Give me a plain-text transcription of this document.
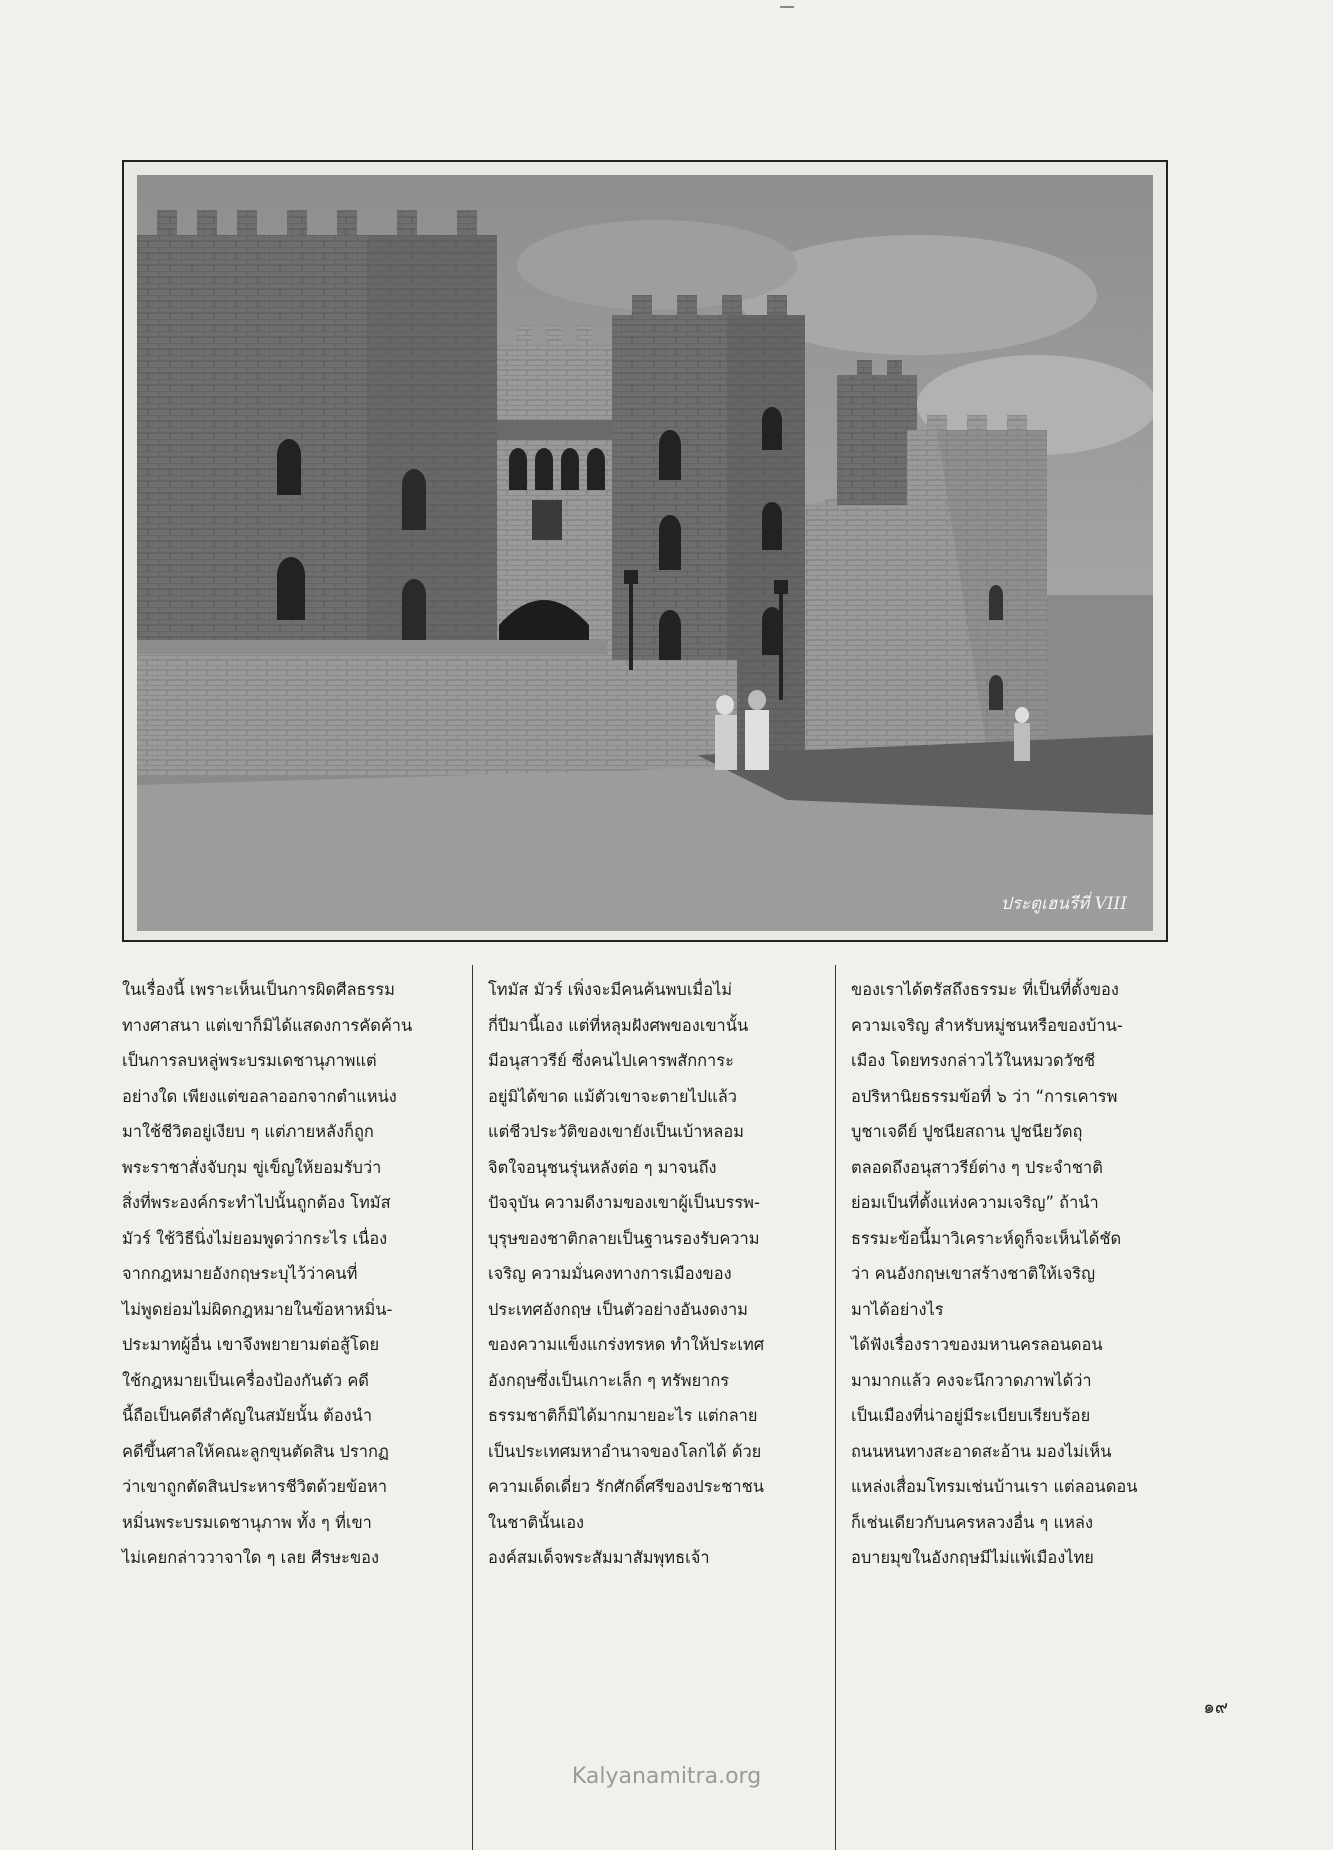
ประตูเฮนรีที่ VIII

ในเรื่องนี้ เพราะเห็นเป็นการผิดศีลธรรม

ทางศาสนา แต่เขาก็มิได้แสดงการคัดค้าน

เป็นการลบหลู่พระบรมเดชานุภาพแต่

อย่างใด เพียงแต่ขอลาออกจากตำแหน่ง

มาใช้ชีวิตอยู่เงียบ ๆ แต่ภายหลังก็ถูก

พระราชาสั่งจับกุม ขู่เข็ญให้ยอมรับว่า

สิ่งที่พระองค์กระทำไปนั้นถูกต้อง โทมัส

มัวร์ ใช้วิธีนิ่งไม่ยอมพูดว่ากระไร เนื่อง

จากกฎหมายอังกฤษระบุไว้ว่าคนที่

ไม่พูดย่อมไม่ผิดกฎหมายในข้อหาหมิ่น-

ประมาทผู้อื่น เขาจึงพยายามต่อสู้โดย

ใช้กฎหมายเป็นเครื่องป้องกันตัว คดี

นี้ถือเป็นคดีสำคัญในสมัยนั้น ต้องนำ

คดีขึ้นศาลให้คณะลูกขุนตัดสิน ปรากฏ

ว่าเขาถูกตัดสินประหารชีวิตด้วยข้อหา

หมิ่นพระบรมเดชานุภาพ ทั้ง ๆ ที่เขา

ไม่เคยกล่าววาจาใด ๆ เลย ศีรษะของ

โทมัส มัวร์ เพิ่งจะมีคนค้นพบเมื่อไม่

กี่ปีมานี้เอง แต่ที่หลุมฝังศพของเขานั้น

มีอนุสาวรีย์ ซึ่งคนไปเคารพสักการะ

อยู่มิได้ขาด แม้ตัวเขาจะตายไปแล้ว

แต่ชีวประวัติของเขายังเป็นเบ้าหลอม

จิตใจอนุชนรุ่นหลังต่อ ๆ มาจนถึง

ปัจจุบัน ความดีงามของเขาผู้เป็นบรรพ-

บุรุษของชาติกลายเป็นฐานรองรับความ

เจริญ ความมั่นคงทางการเมืองของ

ประเทศอังกฤษ เป็นตัวอย่างอันงดงาม

ของความแข็งแกร่งทรหด ทำให้ประเทศ

อังกฤษซึ่งเป็นเกาะเล็ก ๆ ทรัพยากร

ธรรมชาติก็มิได้มากมายอะไร แต่กลาย

เป็นประเทศมหาอำนาจของโลกได้ ด้วย

ความเด็ดเดี่ยว รักศักดิ์ศรีของประชาชน

ในชาตินั้นเอง

องค์สมเด็จพระสัมมาสัมพุทธเจ้า

ของเราได้ตรัสถึงธรรมะ ที่เป็นที่ตั้งของ

ความเจริญ สำหรับหมู่ชนหรือของบ้าน-

เมือง โดยทรงกล่าวไว้ในหมวดวัชชี

อปริหานิยธรรมข้อที่ ๖ ว่า “การเคารพ

บูชาเจดีย์ ปูชนียสถาน ปูชนียวัตถุ

ตลอดถึงอนุสาวรีย์ต่าง ๆ ประจำชาติ

ย่อมเป็นที่ตั้งแห่งความเจริญ” ถ้านำ

ธรรมะข้อนี้มาวิเคราะห์ดูก็จะเห็นได้ชัด

ว่า คนอังกฤษเขาสร้างชาติให้เจริญ

มาได้อย่างไร

ได้ฟังเรื่องราวของมหานครลอนดอน

มามากแล้ว คงจะนึกวาดภาพได้ว่า

เป็นเมืองที่น่าอยู่มีระเบียบเรียบร้อย

ถนนหนทางสะอาดสะอ้าน มองไม่เห็น

แหล่งเสื่อมโทรมเช่นบ้านเรา แต่ลอนดอน

ก็เช่นเดียวกับนครหลวงอื่น ๆ แหล่ง

อบายมุขในอังกฤษมีไม่แพ้เมืองไทย

๑๙
Kalyanamitra.org
